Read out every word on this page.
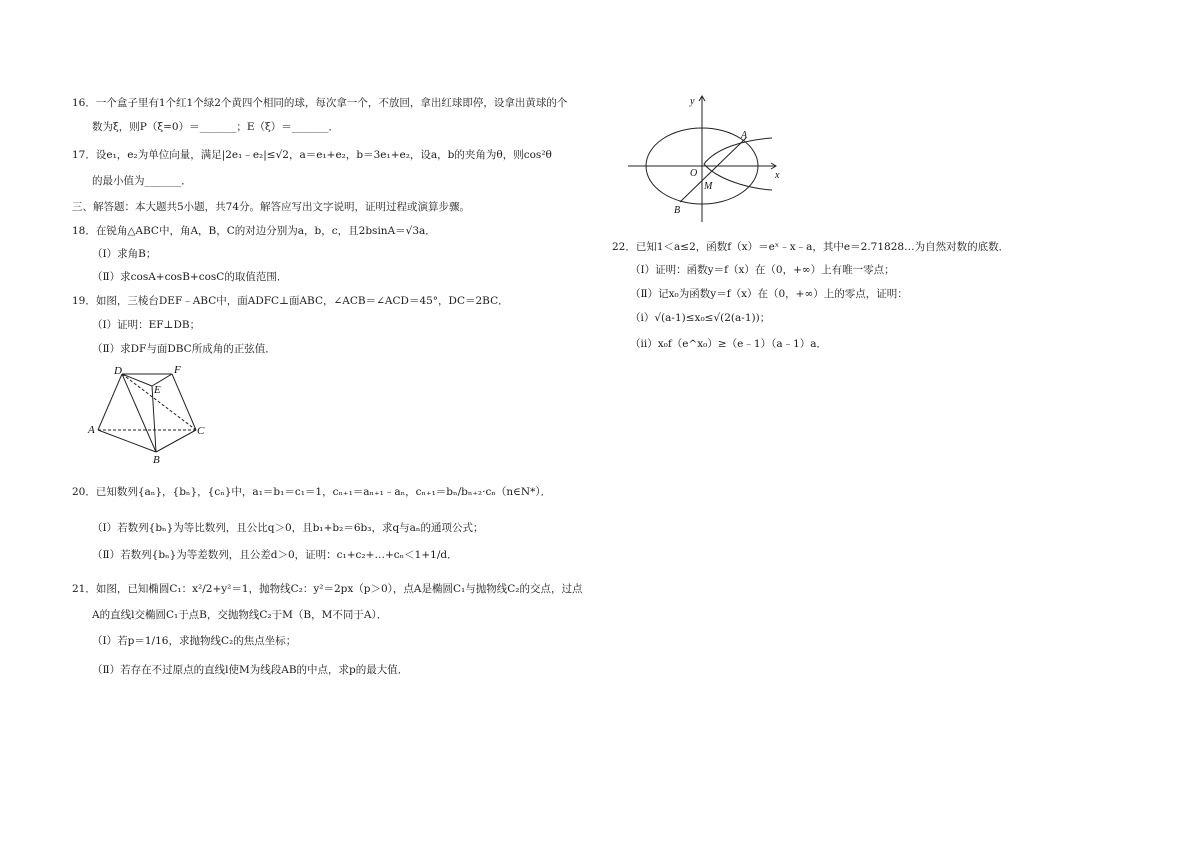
16．一个盒子里有1个红1个绿2个黄四个相同的球，每次拿一个，不放回，拿出红球即停，设拿出黄球的个
数为ξ，则P（ξ=0）＝_______；E（ξ）＝_______．
17．设e₁，e₂为单位向量，满足|2e₁﹣e₂|≤√2，a＝e₁+e₂，b＝3e₁+e₂，设a，b的夹角为θ，则cos²θ
的最小值为_______．
三、解答题：本大题共5小题，共74分。解答应写出文字说明，证明过程或演算步骤。
18．在锐角△ABC中，角A，B，C的对边分别为a，b，c，且2bsinA＝√3a．
（Ⅰ）求角B；
（Ⅱ）求cosA+cosB+cosC的取值范围．
19．如图，三棱台DEF﹣ABC中，面ADFC⊥面ABC，∠ACB＝∠ACD＝45°，DC＝2BC．
（Ⅰ）证明：EF⊥DB；
（Ⅱ）求DF与面DBC所成角的正弦值．
D	F
E
A	C
B
20．已知数列{aₙ}，{bₙ}，{cₙ}中，a₁＝b₁＝c₁＝1，cₙ₊₁＝aₙ₊₁﹣aₙ，cₙ₊₁＝bₙ/bₙ₊₂·cₙ（n∈N*）．
（Ⅰ）若数列{bₙ}为等比数列，且公比q＞0，且b₁+b₂＝6b₃，求q与aₙ的通项公式；
（Ⅱ）若数列{bₙ}为等差数列，且公差d＞0，证明：c₁+c₂+…+cₙ＜1+1/d．
21．如图，已知椭圆C₁：x²/2+y²＝1，抛物线C₂：y²＝2px（p＞0），点A是椭圆C₁与抛物线C₂的交点，过点
A的直线l交椭圆C₁于点B，交抛物线C₂于M（B，M不同于A）．
（Ⅰ）若p＝1/16，求抛物线C₂的焦点坐标；
（Ⅱ）若存在不过原点的直线l使M为线段AB的中点，求p的最大值．
y
x
A
O
M
B
22．已知1＜a≤2，函数f（x）＝eˣ﹣x﹣a，其中e＝2.71828…为自然对数的底数．
（Ⅰ）证明：函数y＝f（x）在（0，+∞）上有唯一零点；
（Ⅱ）记x₀为函数y＝f（x）在（0，+∞）上的零点，证明：
（ⅰ）√(a-1)≤x₀≤√(2(a-1))；
（ⅱ）x₀f（e^x₀）≥（e﹣1）（a﹣1）a．
